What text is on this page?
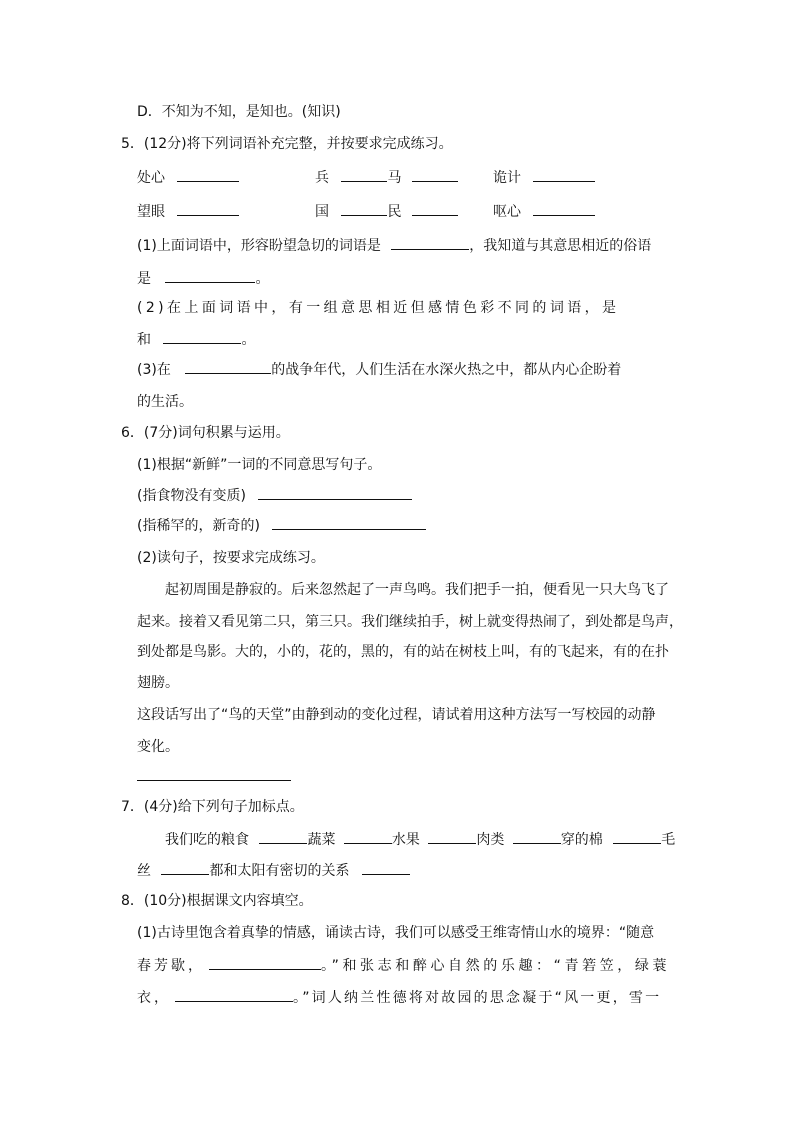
D．不知为不知，是知也。(知识)
5．(12分)将下列词语补充完整，并按要求完成练习。
处心	兵	马	诡计
望眼	国	民	呕心
(1)上面词语中，形容盼望急切的词语是	，我知道与其意思相近的俗语
是	。
(2)在上面词语中，有一组意思相近但感情色彩不同的词语，是
和	。
(3)在	的战争年代，人们生活在水深火热之中，都从内心企盼着
的生活。
6．(7分)词句积累与运用。
(1)根据“新鲜”一词的不同意思写句子。
(指食物没有变质)
(指稀罕的，新奇的)
(2)读句子，按要求完成练习。
起初周围是静寂的。后来忽然起了一声鸟鸣。我们把手一拍，便看见一只大鸟飞了
起来。接着又看见第二只，第三只。我们继续拍手，树上就变得热闹了，到处都是鸟声，
到处都是鸟影。大的，小的，花的，黑的，有的站在树枝上叫，有的飞起来，有的在扑
翅膀。
这段话写出了“鸟的天堂”由静到动的变化过程，请试着用这种方法写一写校园的动静
变化。
7．(4分)给下列句子加标点。
我们吃的粮食	蔬菜	水果	肉类	穿的棉	毛
丝	都和太阳有密切的关系
8．(10分)根据课文内容填空。
(1)古诗里饱含着真挚的情感，诵读古诗，我们可以感受王维寄情山水的境界：“随意
春芳歇，	。”和张志和醉心自然的乐趣：“青箬笠，绿蓑
衣，	。”词人纳兰性德将对故园的思念凝于“风一更，雪一
